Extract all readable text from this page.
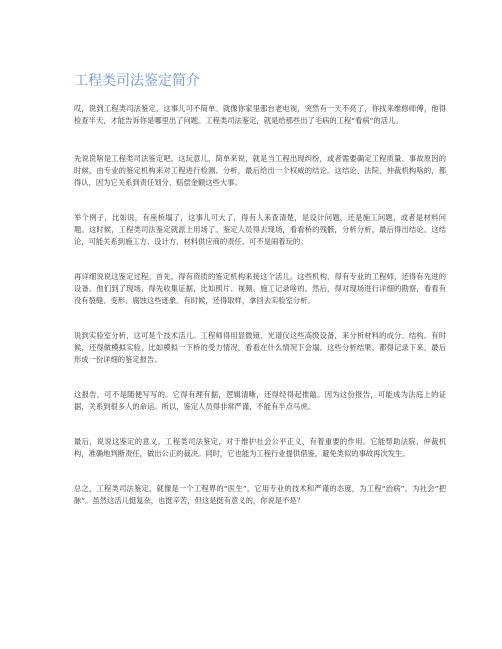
工程类司法鉴定简介

哎，说到工程类司法鉴定，这事儿可不简单。就像你家里那台老电视，突然有一天不亮了，你找来维修师傅，他得检查半天，才能告诉你是哪里出了问题。工程类司法鉴定，就是给那些出了毛病的工程“看病”的活儿。

先说说啥是工程类司法鉴定吧。这玩意儿，简单来说，就是当工程出现纠纷，或者需要确定工程质量、事故原因的时候，由专业的鉴定机构来对工程进行检测、分析，最后给出一个权威的结论。这结论，法院、仲裁机构啥的，都得认，因为它关系到责任划分、赔偿金额这些大事。

举个例子，比如说，有座桥塌了，这事儿可大了，得有人来查清楚，是设计问题，还是施工问题，或者是材料问题。这时候，工程类司法鉴定就派上用场了。鉴定人员得去现场，看看桥的残骸，分析分析，最后得出结论。这结论，可能关系到施工方、设计方、材料供应商的责任，可不是闹着玩的。

再详细说说这鉴定过程。首先，得有资质的鉴定机构来接这个活儿。这些机构，得有专业的工程师，还得有先进的设备。他们到了现场，得先收集证据，比如照片、视频、施工记录啥的。然后，得对现场进行详细的勘察，看看有没有裂缝、变形、腐蚀这些迹象。有时候，还得取样，拿回去实验室分析。

说到实验室分析，这可是个技术活儿。工程师得用显微镜、光谱仪这些高级设备，来分析材料的成分、结构。有时候，还得做模拟实验，比如模拟一下桥的受力情况，看看在什么情况下会塌。这些分析结果，都得记录下来，最后形成一份详细的鉴定报告。

这报告，可不是随便写写的。它得有理有据，逻辑清晰，还得经得起推敲。因为这份报告，可能成为法庭上的证据，关系到很多人的命运。所以，鉴定人员得非常严谨，不能有半点马虎。

最后，说说这鉴定的意义。工程类司法鉴定，对于维护社会公平正义，有着重要的作用。它能帮助法院、仲裁机构，准确地判断责任，做出公正的裁决。同时，它也能为工程行业提供借鉴，避免类似的事故再次发生。

总之，工程类司法鉴定，就像是一个工程界的“医生”，它用专业的技术和严谨的态度，为工程“治病”，为社会“把脉”。虽然这活儿挺复杂，也挺辛苦，但这是挺有意义的，你说是不是？
